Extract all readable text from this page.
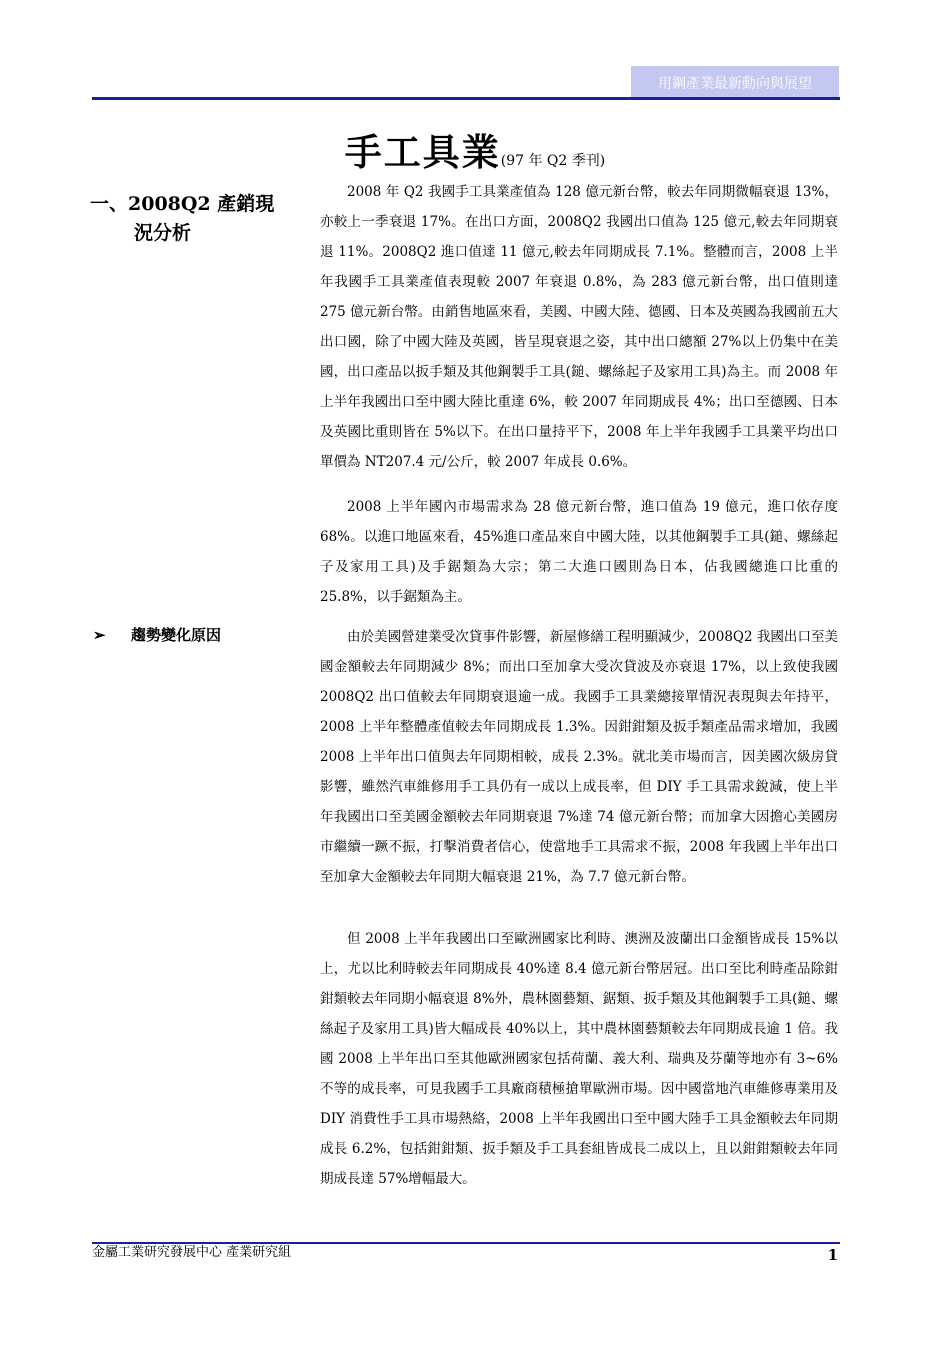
用鋼產業最新動向與展望
手工具業(97 年 Q2 季刊)
一、2008Q2 產銷現
況分析

2008 年 Q2 我國手工具業產值為 128 億元新台幣，較去年同期微幅衰退 13%，亦較上一季衰退 17%。在出口方面，2008Q2 我國出口值為 125 億元,較去年同期衰退 11%。2008Q2 進口值達 11 億元,較去年同期成長 7.1%。整體而言，2008 上半年我國手工具業產值表現較 2007 年衰退 0.8%，為 283 億元新台幣，出口值則達 275 億元新台幣。由銷售地區來看，美國、中國大陸、德國、日本及英國為我國前五大出口國，除了中國大陸及英國，皆呈現衰退之姿，其中出口總額 27%以上仍集中在美國，出口產品以扳手類及其他鋼製手工具(鎚、螺絲起子及家用工具)為主。而 2008 年上半年我國出口至中國大陸比重達 6%，較 2007 年同期成長 4%；出口至德國、日本及英國比重則皆在 5%以下。在出口量持平下，2008 年上半年我國手工具業平均出口單價為 NT207.4 元/公斤，較 2007 年成長 0.6%。

2008 上半年國內市場需求為 28 億元新台幣，進口值為 19 億元，進口依存度 68%。以進口地區來看，45%進口產品來自中國大陸，以其他鋼製手工具(鎚、螺絲起子及家用工具)及手鋸類為大宗；第二大進口國則為日本，佔我國總進口比重的 25.8%，以手鋸類為主。

➢ 趨勢變化原因	由於美國營建業受次貸事件影響，新屋修繕工程明顯減少，2008Q2 我國出口至美國金額較去年同期減少 8%；而出口至加拿大受次貸波及亦衰退 17%，以上致使我國 2008Q2 出口值較去年同期衰退逾一成。我國手工具業總接單情況表現與去年持平，2008 上半年整體產值較去年同期成長 1.3%。因鉗鉗類及扳手類產品需求增加，我國 2008 上半年出口值與去年同期相較，成長 2.3%。就北美市場而言，因美國次級房貸影響，雖然汽車維修用手工具仍有一成以上成長率，但 DIY 手工具需求銳減，使上半年我國出口至美國金額較去年同期衰退 7%達 74 億元新台幣；而加拿大因擔心美國房市繼續一蹶不振，打擊消費者信心，使當地手工具需求不振，2008 年我國上半年出口至加拿大金額較去年同期大幅衰退 21%，為 7.7 億元新台幣。

但 2008 上半年我國出口至歐洲國家比利時、澳洲及波蘭出口金額皆成長 15%以上，尤以比利時較去年同期成長 40%達 8.4 億元新台幣居冠。出口至比利時產品除鉗鉗類較去年同期小幅衰退 8%外，農林園藝類、鋸類、扳手類及其他鋼製手工具(鎚、螺絲起子及家用工具)皆大幅成長 40%以上，其中農林園藝類較去年同期成長逾 1 倍。我國 2008 上半年出口至其他歐洲國家包括荷蘭、義大利、瑞典及芬蘭等地亦有 3~6%不等的成長率，可見我國手工具廠商積極搶單歐洲市場。因中國當地汽車維修專業用及 DIY 消費性手工具市場熱絡，2008 上半年我國出口至中國大陸手工具金額較去年同期成長 6.2%，包括鉗鉗類、扳手類及手工具套組皆成長二成以上，且以鉗鉗類較去年同期成長達 57%增幅最大。

金屬工業研究發展中心 產業研究組	1
